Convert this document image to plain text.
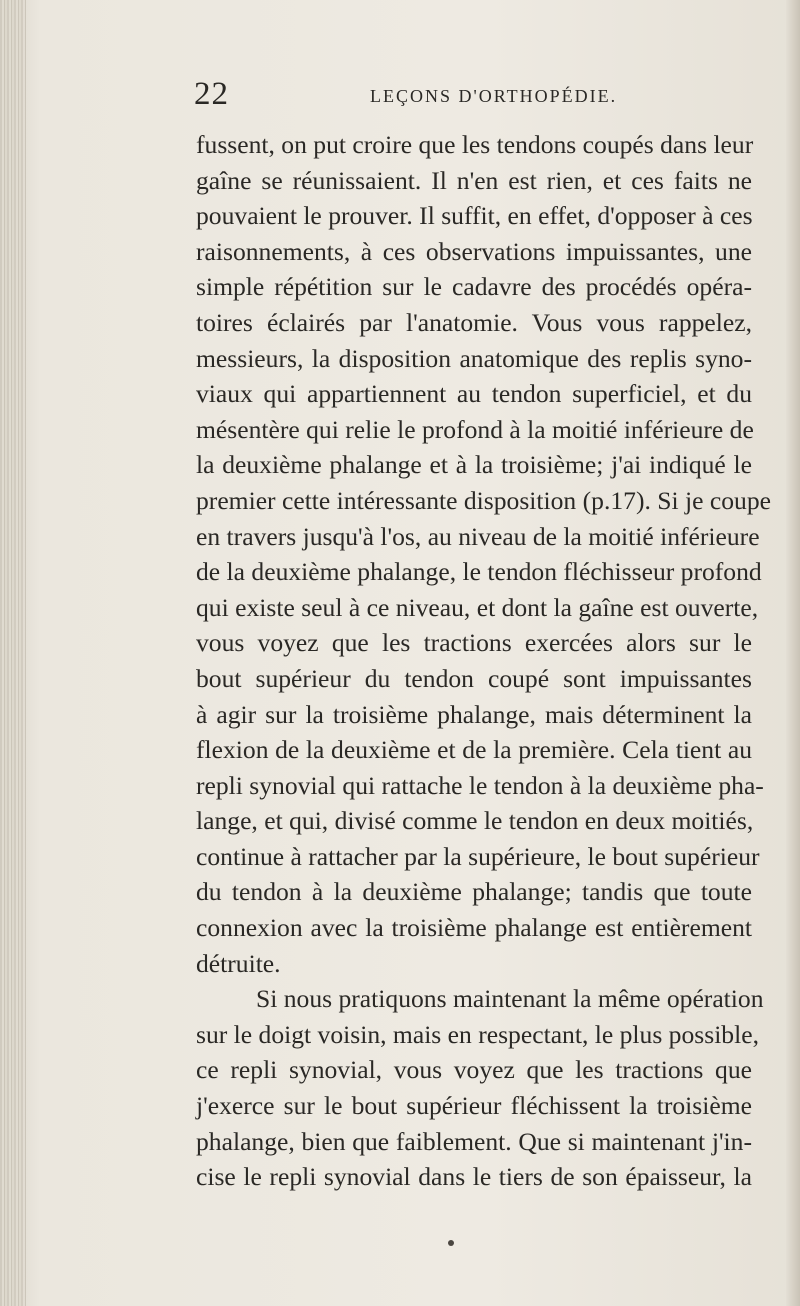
22	LEÇONS D'ORTHOPÉDIE.
fussent, on put croire que les tendons coupés dans leur
gaîne se réunissaient. Il n'en est rien, et ces faits ne
pouvaient le prouver. Il suffit, en effet, d'opposer à ces
raisonnements, à ces observations impuissantes, une
simple répétition sur le cadavre des procédés opéra-
toires éclairés par l'anatomie. Vous vous rappelez,
messieurs, la disposition anatomique des replis syno-
viaux qui appartiennent au tendon superficiel, et du
mésentère qui relie le profond à la moitié inférieure de
la deuxième phalange et à la troisième; j'ai indiqué le
premier cette intéressante disposition (p.17). Si je coupe
en travers jusqu'à l'os, au niveau de la moitié inférieure
de la deuxième phalange, le tendon fléchisseur profond
qui existe seul à ce niveau, et dont la gaîne est ouverte,
vous voyez que les tractions exercées alors sur le
bout supérieur du tendon coupé sont impuissantes
à agir sur la troisième phalange, mais déterminent la
flexion de la deuxième et de la première. Cela tient au
repli synovial qui rattache le tendon à la deuxième pha-
lange, et qui, divisé comme le tendon en deux moitiés,
continue à rattacher par la supérieure, le bout supérieur
du tendon à la deuxième phalange; tandis que toute
connexion avec la troisième phalange est entièrement
détruite.
Si nous pratiquons maintenant la même opération
sur le doigt voisin, mais en respectant, le plus possible,
ce repli synovial, vous voyez que les tractions que
j'exerce sur le bout supérieur fléchissent la troisième
phalange, bien que faiblement. Que si maintenant j'in-
cise le repli synovial dans le tiers de son épaisseur, la
